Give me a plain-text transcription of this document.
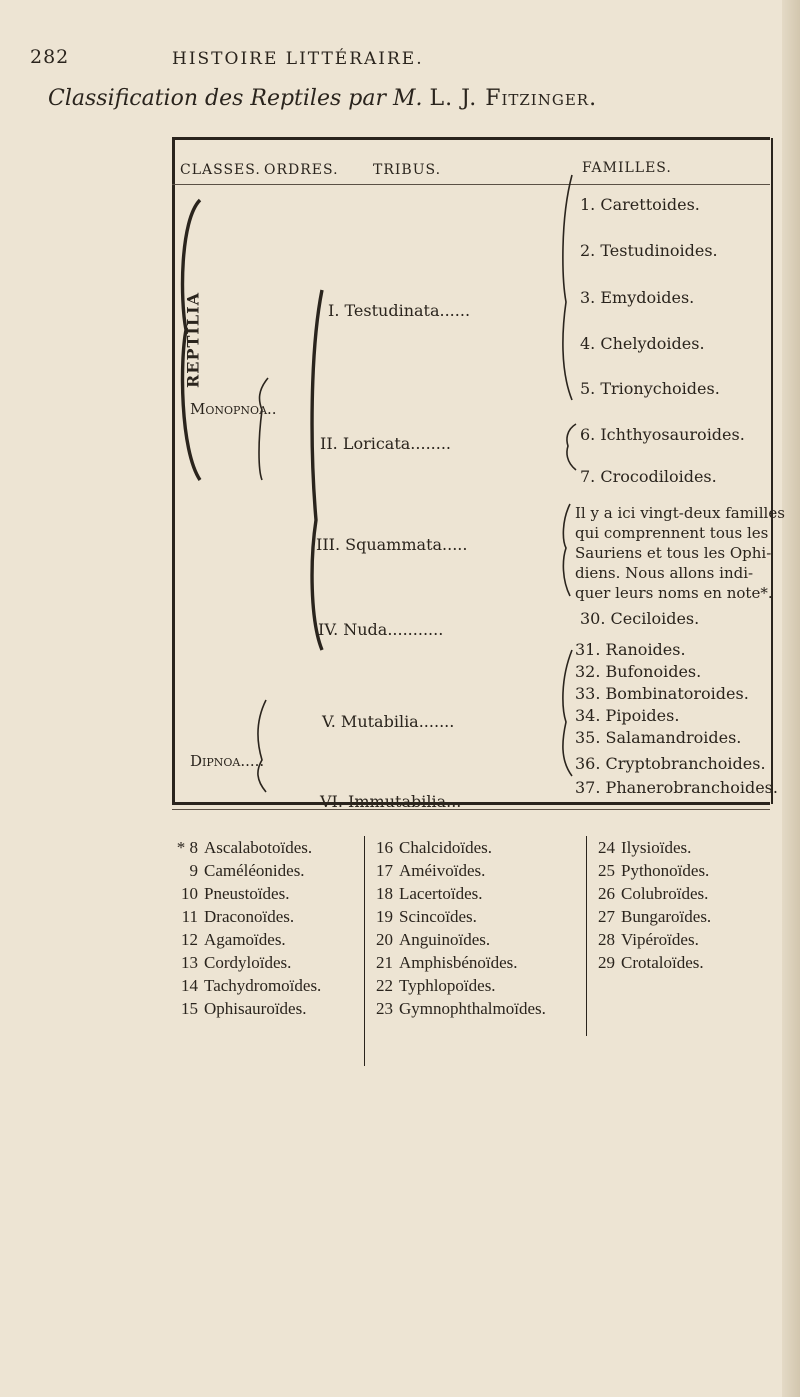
282	HISTOIRE LITTÉRAIRE.
Classification des Reptiles par M. L. J. Fitzinger.
CLASSES. ORDRES. TRIBUS.	FAMILLES.
REPTILIA
Monopnoa..
Dipnoa.....
I. Testudinata......
II. Loricata........
III. Squammata.....
IV. Nuda...........
V. Mutabilia.......
VI. Immutabilia...
1. Carettoides.
2. Testudinoides.
3. Emydoides.
4. Chelydoides.
5. Trionychoides.
6. Ichthyosauroides.
7. Crocodiloides.
Il y a ici vingt-deux familles
qui comprennent tous les
Sauriens et tous les Ophi-
diens. Nous allons indi-
quer leurs noms en note*.
30. Ceciloides.
31. Ranoides.
32. Bufonoides.
33. Bombinatoroides.
34. Pipoides.
35. Salamandroides.
36. Cryptobranchoides.
37. Phanerobranchoides.
* 8 Ascalabotoïdes.
9 Caméléonides.
10 Pneustoïdes.
11 Draconoïdes.
12 Agamoïdes.
13 Cordyloïdes.
14 Tachydromoïdes.
15 Ophisauroïdes.
16 Chalcidoïdes.
17 Améivoïdes.
18 Lacertoïdes.
19 Scincoïdes.
20 Anguinoïdes.
21 Amphisbénoïdes.
22 Typhlopoïdes.
23 Gymnophthalmoïdes.
24 Ilysioïdes.
25 Pythonoïdes.
26 Colubroïdes.
27 Bungaroïdes.
28 Vipéroïdes.
29 Crotaloïdes.
